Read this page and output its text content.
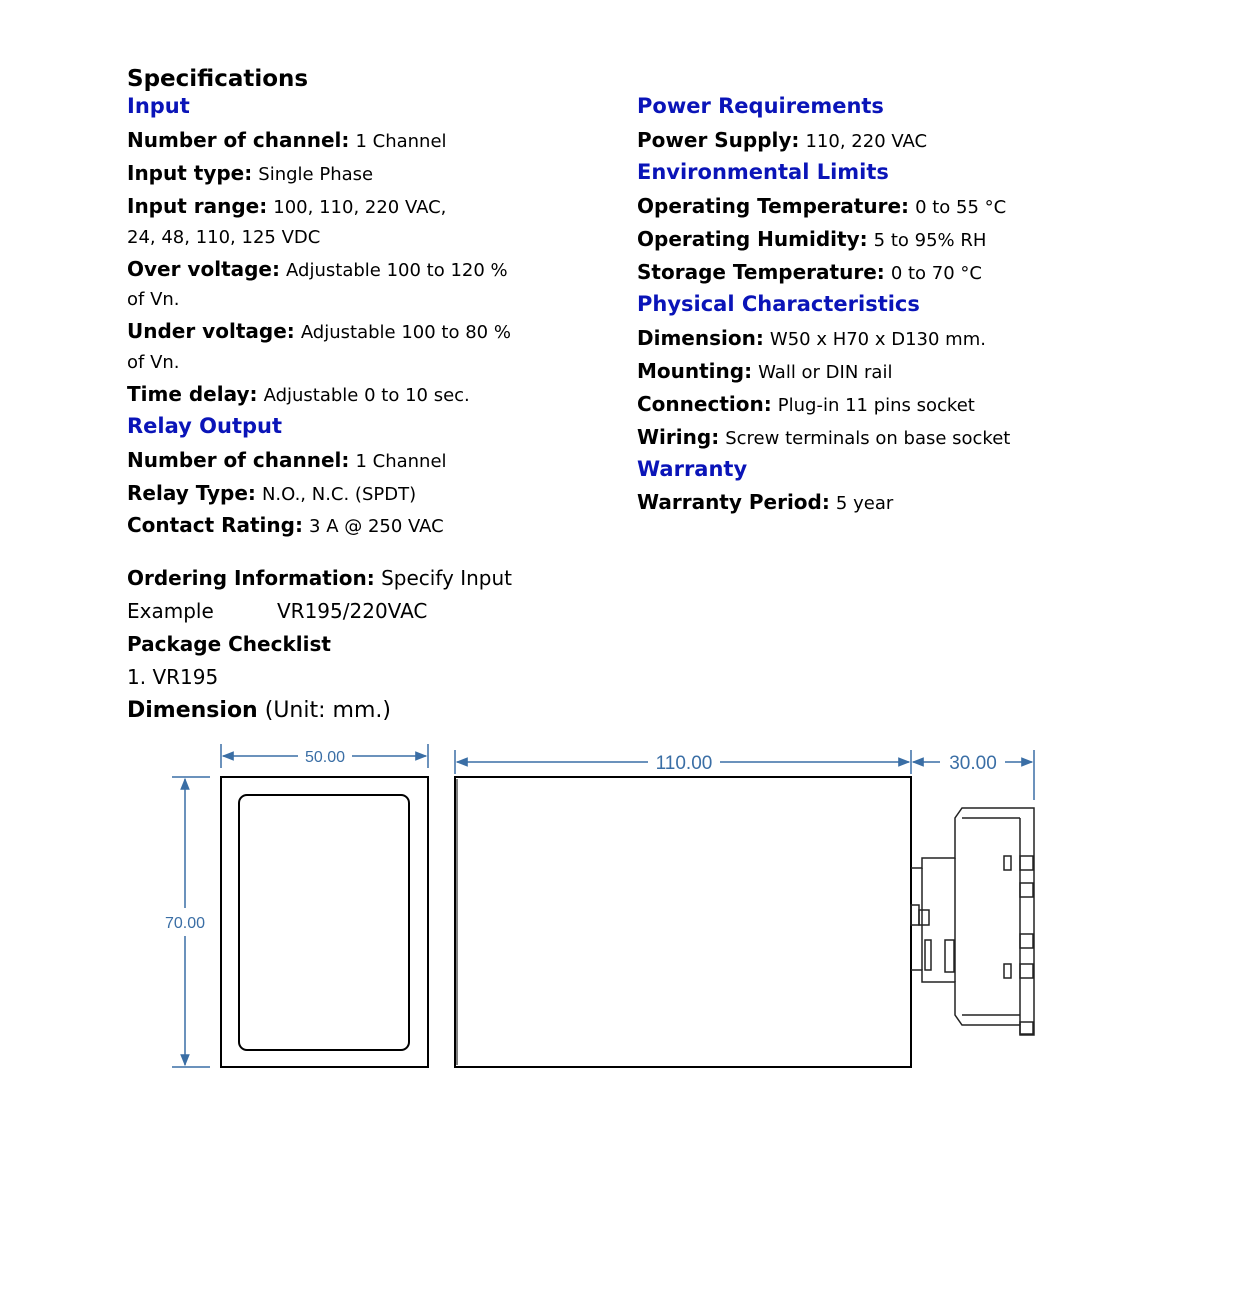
Specifications
Input
Number of channel: 1 Channel
Input type: Single Phase
Input range: 100, 110, 220 VAC,
24, 48, 110, 125 VDC
Over voltage: Adjustable 100 to 120 %
of Vn.
Under voltage: Adjustable 100 to 80 %
of Vn.
Time delay: Adjustable 0 to 10 sec.
Relay Output
Number of channel: 1 Channel
Relay Type: N.O., N.C. (SPDT)
Contact Rating: 3 A @ 250 VAC
Power Requirements
Power Supply: 110, 220 VAC
Environmental Limits
Operating Temperature: 0 to 55 °C
Operating Humidity: 5 to 95% RH
Storage Temperature: 0 to 70 °C
Physical Characteristics
Dimension: W50 x H70 x D130 mm.
Mounting: Wall or DIN rail
Connection: Plug-in 11 pins socket
Wiring: Screw terminals on base socket
Warranty
Warranty Period: 5 year
Ordering Information: Specify Input
Example	VR195/220VAC
Package Checklist
1. VR195
Dimension (Unit: mm.)
50.00
70.00
110.00	30.00
